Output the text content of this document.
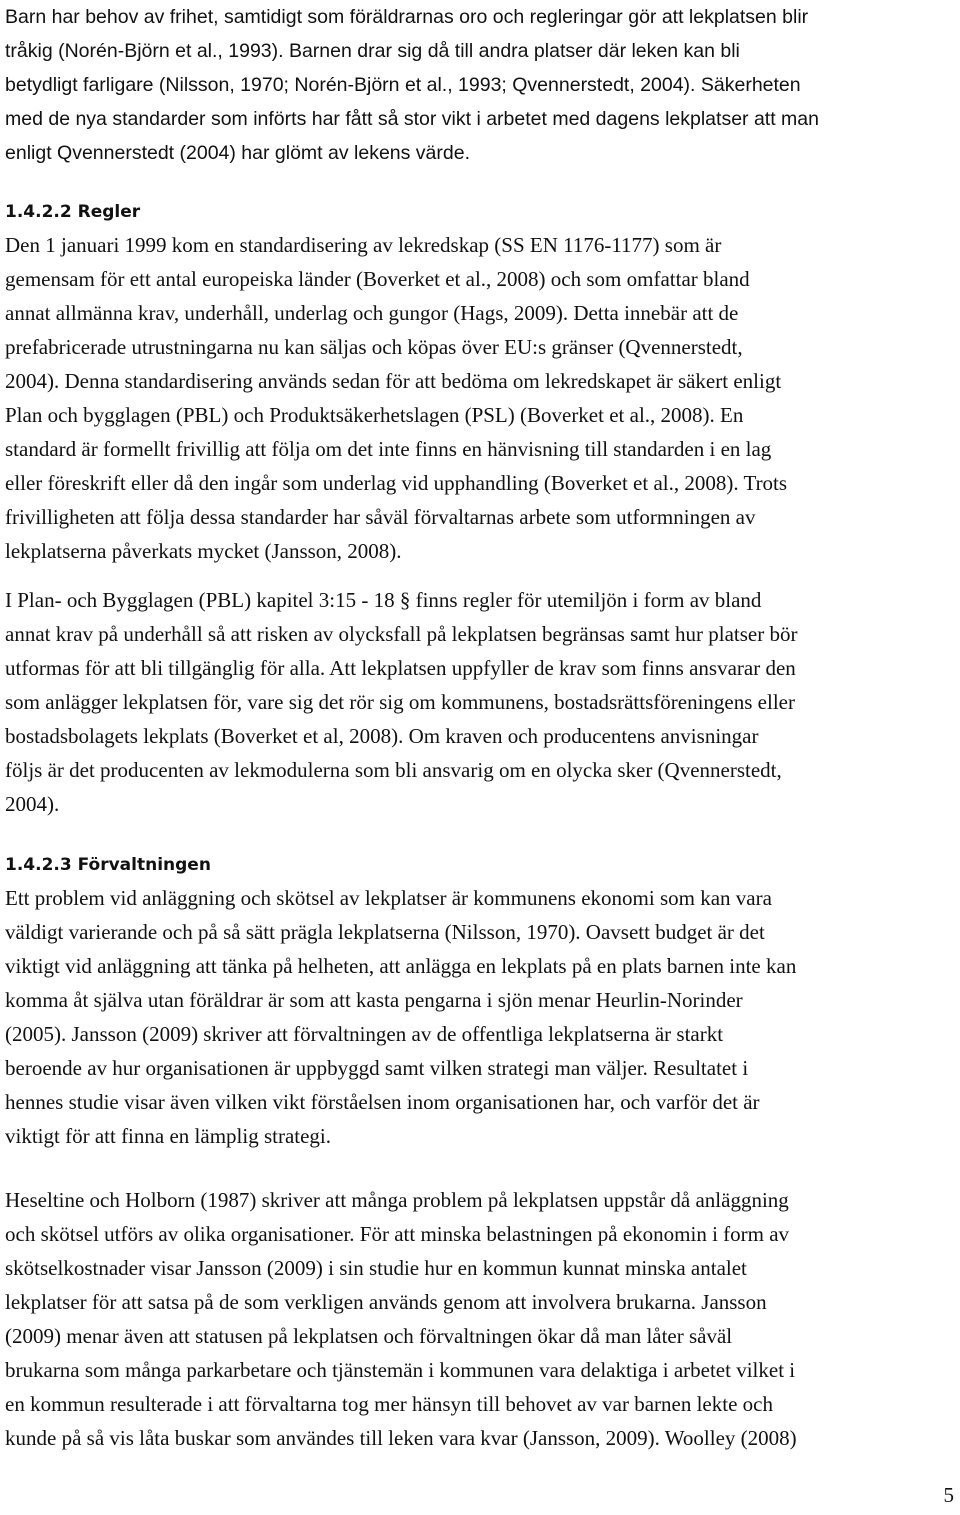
Barn har behov av frihet, samtidigt som föräldrarnas oro och regleringar gör att lekplatsen blir
tråkig (Norén-Björn et al., 1993). Barnen drar sig då till andra platser där leken kan bli
betydligt farligare (Nilsson, 1970; Norén-Björn et al., 1993; Qvennerstedt, 2004). Säkerheten
med de nya standarder som införts har fått så stor vikt i arbetet med dagens lekplatser att man
enligt Qvennerstedt (2004) har glömt av lekens värde.
1.4.2.2 Regler
Den 1 januari 1999 kom en standardisering av lekredskap (SS EN 1176-1177) som är
gemensam för ett antal europeiska länder (Boverket et al., 2008) och som omfattar bland
annat allmänna krav, underhåll, underlag och gungor (Hags, 2009). Detta innebär att de
prefabricerade utrustningarna nu kan säljas och köpas över EU:s gränser (Qvennerstedt,
2004). Denna standardisering används sedan för att bedöma om lekredskapet är säkert enligt
Plan och bygglagen (PBL) och Produktsäkerhetslagen (PSL) (Boverket et al., 2008). En
standard är formellt frivillig att följa om det inte finns en hänvisning till standarden i en lag
eller föreskrift eller då den ingår som underlag vid upphandling (Boverket et al., 2008). Trots
frivilligheten att följa dessa standarder har såväl förvaltarnas arbete som utformningen av
lekplatserna påverkats mycket (Jansson, 2008).
I Plan- och Bygglagen (PBL) kapitel 3:15 - 18 § finns regler för utemiljön i form av bland
annat krav på underhåll så att risken av olycksfall på lekplatsen begränsas samt hur platser bör
utformas för att bli tillgänglig för alla. Att lekplatsen uppfyller de krav som finns ansvarar den
som anlägger lekplatsen för, vare sig det rör sig om kommunens, bostadsrättsföreningens eller
bostadsbolagets lekplats (Boverket et al, 2008). Om kraven och producentens anvisningar
följs är det producenten av lekmodulerna som bli ansvarig om en olycka sker (Qvennerstedt,
2004).
1.4.2.3 Förvaltningen
Ett problem vid anläggning och skötsel av lekplatser är kommunens ekonomi som kan vara
väldigt varierande och på så sätt prägla lekplatserna (Nilsson, 1970). Oavsett budget är det
viktigt vid anläggning att tänka på helheten, att anlägga en lekplats på en plats barnen inte kan
komma åt själva utan föräldrar är som att kasta pengarna i sjön menar Heurlin-Norinder
(2005). Jansson (2009) skriver att förvaltningen av de offentliga lekplatserna är starkt
beroende av hur organisationen är uppbyggd samt vilken strategi man väljer. Resultatet i
hennes studie visar även vilken vikt förståelsen inom organisationen har, och varför det är
viktigt för att finna en lämplig strategi.
Heseltine och Holborn (1987) skriver att många problem på lekplatsen uppstår då anläggning
och skötsel utförs av olika organisationer. För att minska belastningen på ekonomin i form av
skötselkostnader visar Jansson (2009) i sin studie hur en kommun kunnat minska antalet
lekplatser för att satsa på de som verkligen används genom att involvera brukarna. Jansson
(2009) menar även att statusen på lekplatsen och förvaltningen ökar då man låter såväl
brukarna som många parkarbetare och tjänstemän i kommunen vara delaktiga i arbetet vilket i
en kommun resulterade i att förvaltarna tog mer hänsyn till behovet av var barnen lekte och
kunde på så vis låta buskar som användes till leken vara kvar (Jansson, 2009). Woolley (2008)
5
